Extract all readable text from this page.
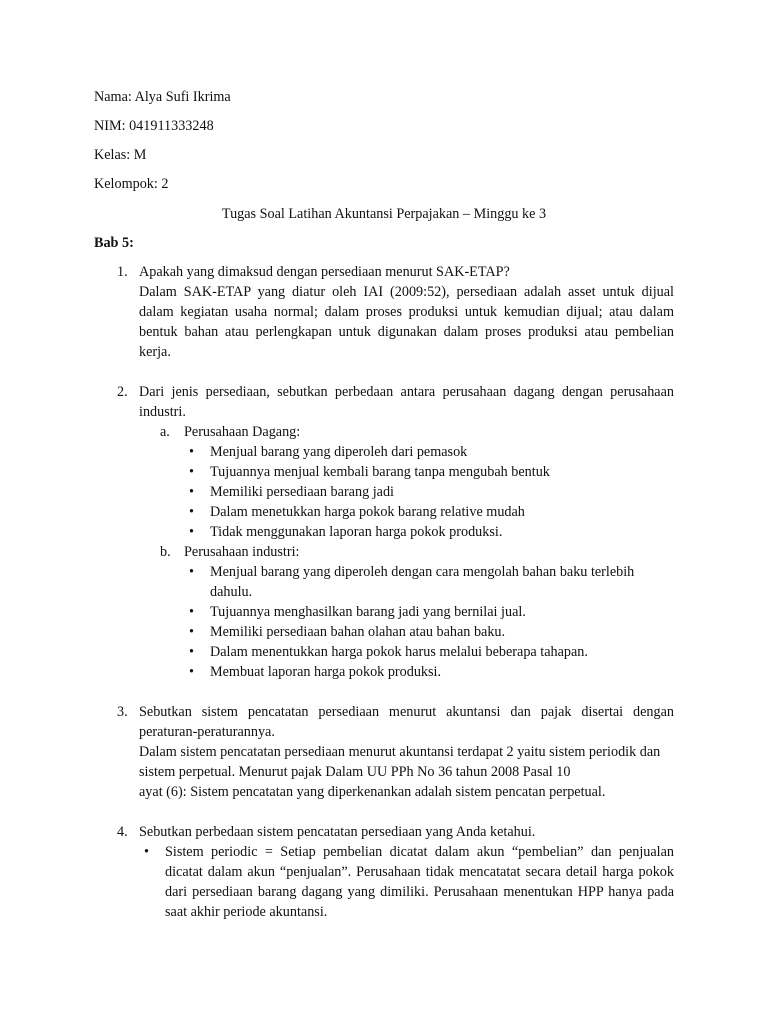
Nama: Alya Sufi Ikrima
NIM: 041911333248
Kelas: M
Kelompok: 2
Tugas Soal Latihan Akuntansi Perpajakan – Minggu ke 3
Bab 5:
1. Apakah yang dimaksud dengan persediaan menurut SAK-ETAP?
Dalam SAK-ETAP yang diatur oleh IAI (2009:52), persediaan adalah asset untuk dijual dalam kegiatan usaha normal; dalam proses produksi untuk kemudian dijual; atau dalam bentuk bahan atau perlengkapan untuk digunakan dalam proses produksi atau pembelian kerja.
2. Dari jenis persediaan, sebutkan perbedaan antara perusahaan dagang dengan perusahaan industri.
a. Perusahaan Dagang:
• Menjual barang yang diperoleh dari pemasok
• Tujuannya menjual kembali barang tanpa mengubah bentuk
• Memiliki persediaan barang jadi
• Dalam menetukkan harga pokok barang relative mudah
• Tidak menggunakan laporan harga pokok produksi.
b. Perusahaan industri:
• Menjual barang yang diperoleh dengan cara mengolah bahan baku terlebih dahulu.
• Tujuannya menghasilkan barang jadi yang bernilai jual.
• Memiliki persediaan bahan olahan atau bahan baku.
• Dalam menentukkan harga pokok harus melalui beberapa tahapan.
• Membuat laporan harga pokok produksi.
3. Sebutkan sistem pencatatan persediaan menurut akuntansi dan pajak disertai dengan peraturan-peraturannya.
Dalam sistem pencatatan persediaan menurut akuntansi terdapat 2 yaitu sistem periodik dan sistem perpetual. Menurut pajak Dalam UU PPh No 36 tahun 2008 Pasal 10
ayat (6): Sistem pencatatan yang diperkenankan adalah sistem pencatan perpetual.
4. Sebutkan perbedaan sistem pencatatan persediaan yang Anda ketahui.
• Sistem periodic = Setiap pembelian dicatat dalam akun “pembelian” dan penjualan dicatat dalam akun “penjualan”. Perusahaan tidak mencatatat secara detail harga pokok dari persediaan barang dagang yang dimiliki. Perusahaan menentukan HPP hanya pada saat akhir periode akuntansi.
